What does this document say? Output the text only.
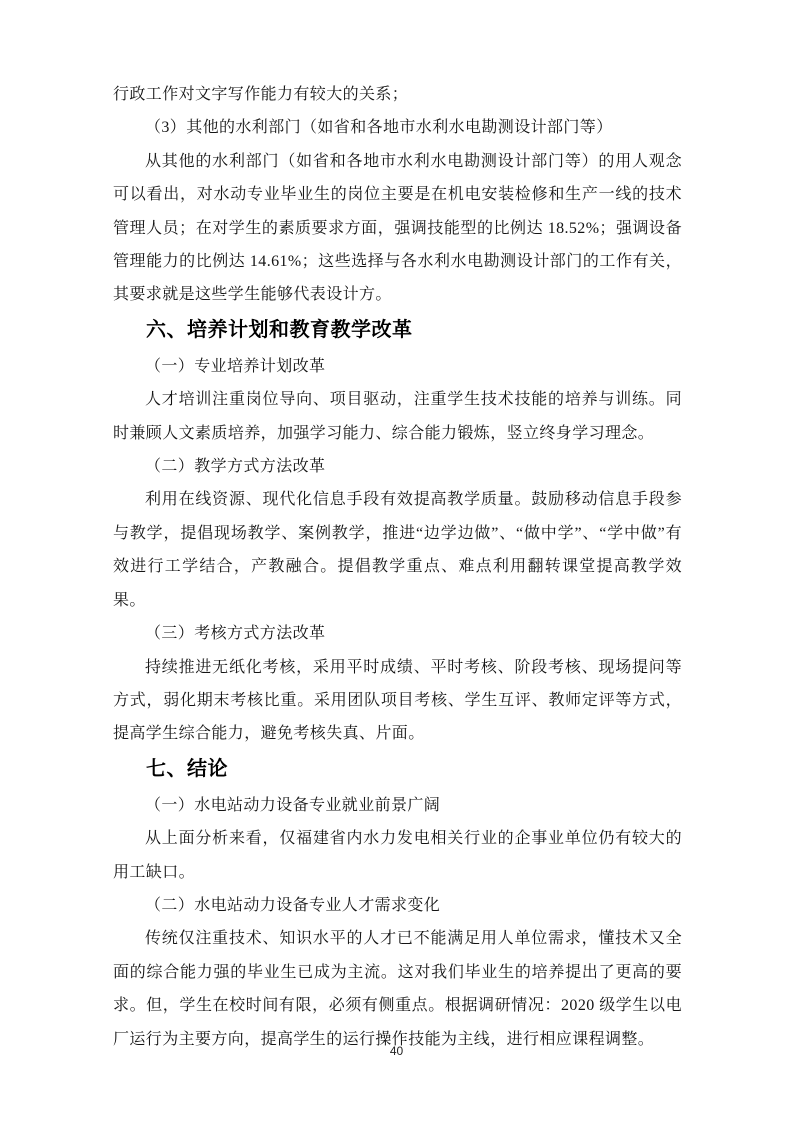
行政工作对文字写作能力有较大的关系；

（3）其他的水利部门（如省和各地市水利水电勘测设计部门等）

从其他的水利部门（如省和各地市水利水电勘测设计部门等）的用人观念可以看出，对水动专业毕业生的岗位主要是在机电安装检修和生产一线的技术管理人员；在对学生的素质要求方面，强调技能型的比例达 18.52%；强调设备管理能力的比例达 14.61%；这些选择与各水利水电勘测设计部门的工作有关，其要求就是这些学生能够代表设计方。

六、培养计划和教育教学改革

（一）专业培养计划改革

人才培训注重岗位导向、项目驱动，注重学生技术技能的培养与训练。同时兼顾人文素质培养，加强学习能力、综合能力锻炼，竖立终身学习理念。

（二）教学方式方法改革

利用在线资源、现代化信息手段有效提高教学质量。鼓励移动信息手段参与教学，提倡现场教学、案例教学，推进“边学边做”、“做中学”、“学中做”有效进行工学结合，产教融合。提倡教学重点、难点利用翻转课堂提高教学效果。

（三）考核方式方法改革

持续推进无纸化考核，采用平时成绩、平时考核、阶段考核、现场提问等方式，弱化期末考核比重。采用团队项目考核、学生互评、教师定评等方式，提高学生综合能力，避免考核失真、片面。

七、结论

（一）水电站动力设备专业就业前景广阔

从上面分析来看，仅福建省内水力发电相关行业的企事业单位仍有较大的用工缺口。

（二）水电站动力设备专业人才需求变化

传统仅注重技术、知识水平的人才已不能满足用人单位需求，懂技术又全面的综合能力强的毕业生已成为主流。这对我们毕业生的培养提出了更高的要求。但，学生在校时间有限，必须有侧重点。根据调研情况：2020 级学生以电厂运行为主要方向，提高学生的运行操作技能为主线，进行相应课程调整。

40
